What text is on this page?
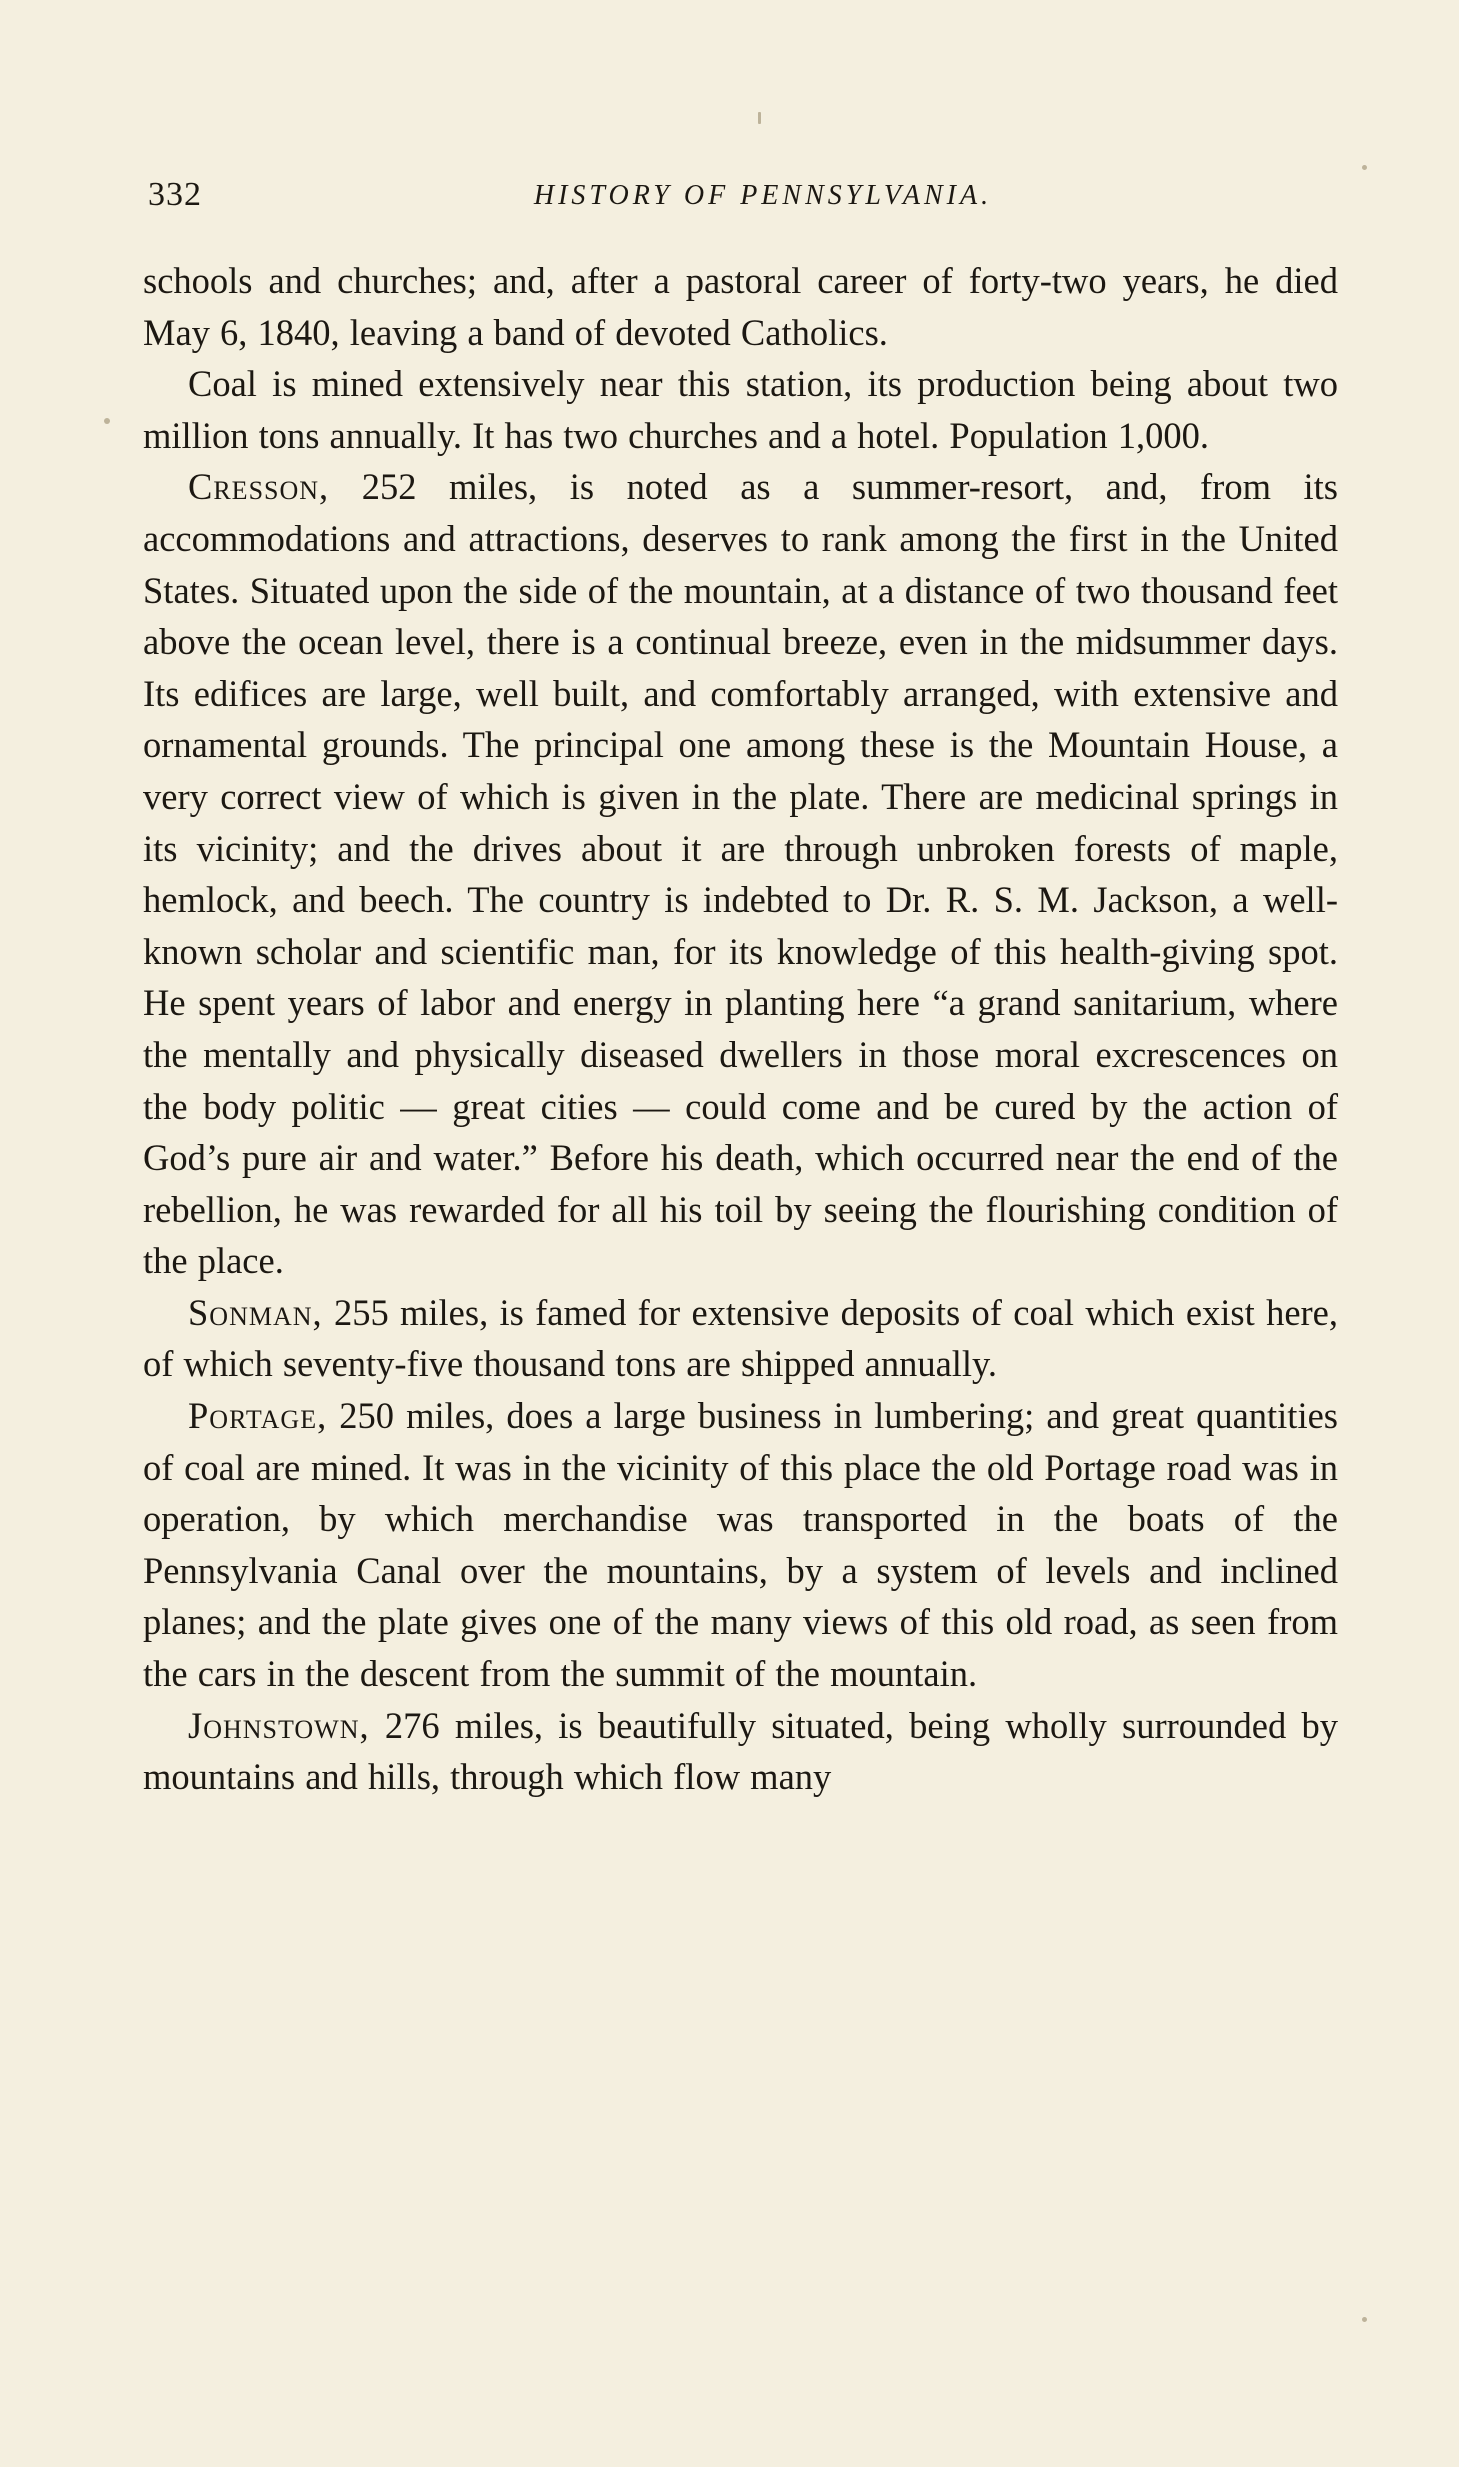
332	HISTORY OF PENNSYLVANIA.

schools and churches; and, after a pastoral career of forty-two years, he died May 6, 1840, leaving a band of devoted Catholics.

Coal is mined extensively near this station, its production being about two million tons annually. It has two churches and a hotel. Population 1,000.

Cresson, 252 miles, is noted as a summer-resort, and, from its accommodations and attractions, deserves to rank among the first in the United States. Situated upon the side of the mountain, at a distance of two thousand feet above the ocean level, there is a continual breeze, even in the midsummer days. Its edifices are large, well built, and comfortably arranged, with extensive and ornamental grounds. The principal one among these is the Mountain House, a very correct view of which is given in the plate. There are medicinal springs in its vicinity; and the drives about it are through unbroken forests of maple, hemlock, and beech. The country is indebted to Dr. R. S. M. Jackson, a well-known scholar and scientific man, for its knowledge of this health-giving spot. He spent years of labor and energy in planting here “a grand sanitarium, where the mentally and physically diseased dwellers in those moral excrescences on the body politic — great cities — could come and be cured by the action of God’s pure air and water.” Before his death, which occurred near the end of the rebellion, he was rewarded for all his toil by seeing the flourishing condition of the place.

Sonman, 255 miles, is famed for extensive deposits of coal which exist here, of which seventy-five thousand tons are shipped annually.

Portage, 250 miles, does a large business in lumbering; and great quantities of coal are mined. It was in the vicinity of this place the old Portage road was in operation, by which merchandise was transported in the boats of the Pennsylvania Canal over the mountains, by a system of levels and inclined planes; and the plate gives one of the many views of this old road, as seen from the cars in the descent from the summit of the mountain.

Johnstown, 276 miles, is beautifully situated, being wholly surrounded by mountains and hills, through which flow many
